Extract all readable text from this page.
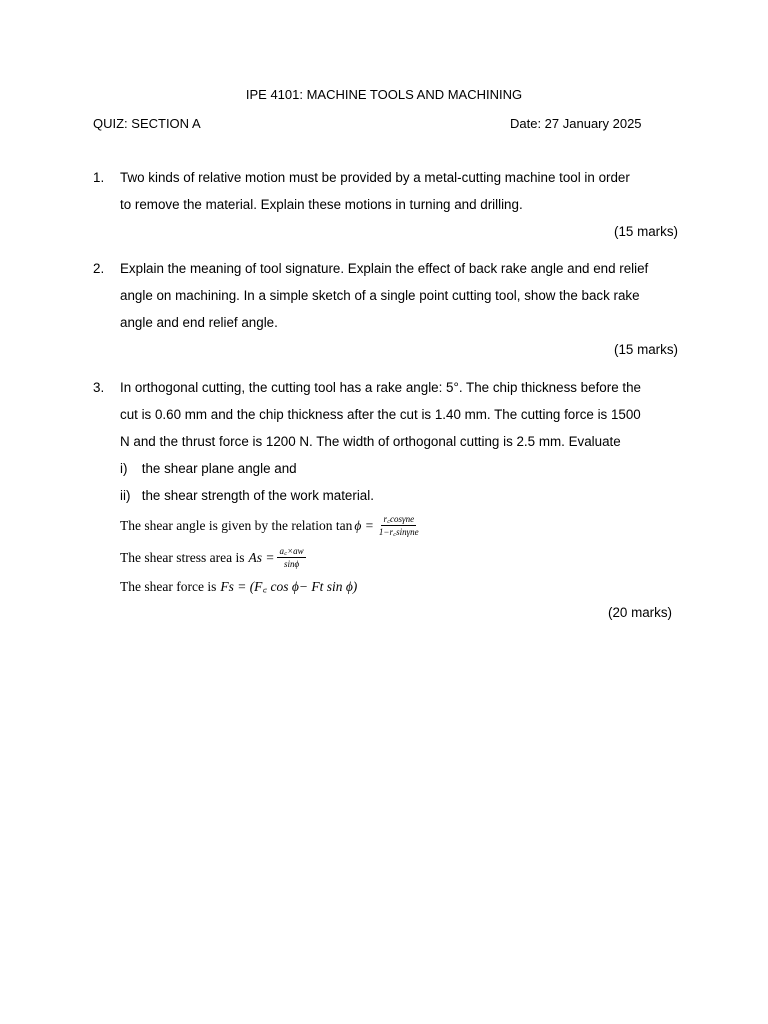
IPE 4101: MACHINE TOOLS AND MACHINING
QUIZ: SECTION A	Date: 27 January 2025
1. Two kinds of relative motion must be provided by a metal-cutting machine tool in order
to remove the material. Explain these motions in turning and drilling.
(15 marks)
2. Explain the meaning of tool signature. Explain the effect of back rake angle and end relief
angle on machining. In a simple sketch of a single point cutting tool, show the back rake
angle and end relief angle.
(15 marks)
3. In orthogonal cutting, the cutting tool has a rake angle: 5°. The chip thickness before the
cut is 0.60 mm and the chip thickness after the cut is 1.40 mm. The cutting force is 1500
N and the thrust force is 1200 N. The width of orthogonal cutting is 2.5 mm. Evaluate
i) the shear plane angle and
ii) the shear strength of the work material.
The shear angle is given by the relation $\tan \phi = \frac{\text{r꜀cosγne}}{\text{1−r꜀sinγne}}$
The shear stress area is $As = \frac{a꜀\times aw}{\sin\phi}$
The shear force is Fs = (F꜀ cos ϕ− Ft sin ϕ)
(20 marks)
